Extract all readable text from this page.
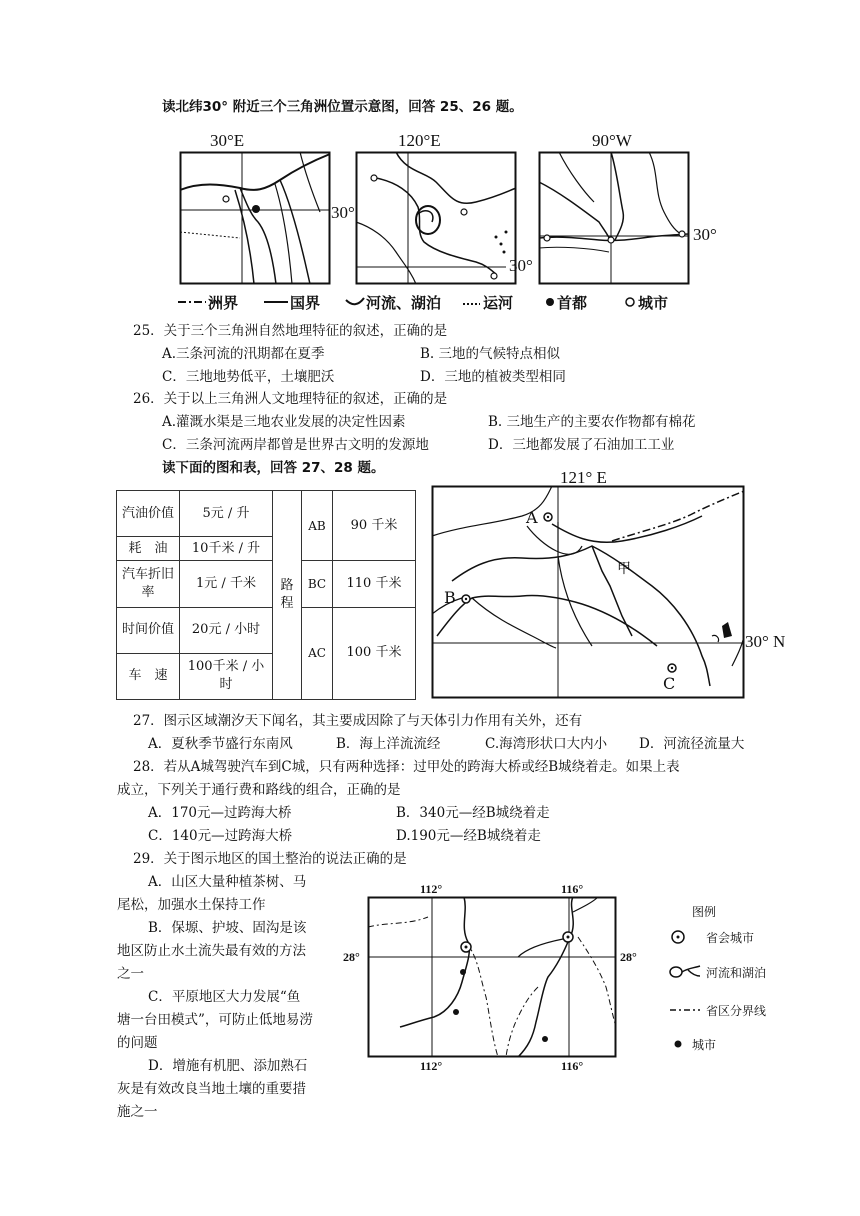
读北纬30° 附近三个三角洲位置示意图，回答 25、26 题。
30°E	120°E	90°W
30°
30°
30°
洲界	国界	河流、湖泊	运河	首都	城市
25．关于三个三角洲自然地理特征的叙述，正确的是
A.三条河流的汛期都在夏季	B. 三地的气候特点相似
C．三地地势低平，土壤肥沃	D．三地的植被类型相同
26．关于以上三角洲人文地理特征的叙述，正确的是
A.灌溉水渠是三地农业发展的决定性因素	B. 三地生产的主要农作物都有棉花
C．三条河流两岸都曾是世界古文明的发源地	D．三地都发展了石油加工工业
读下面的图和表，回答 27、28 题。
汽油价值	5元 / 升	路程	AB	90 千米
耗　油	10千米 / 升			
汽车折旧率	1元 / 千米		BC	110 千米
时间价值	20元 / 小时		AC	100 千米
车　速	100千米 / 小时			
121° E
A
B
C
甲
30° N
27．图示区域潮汐天下闻名，其主要成因除了与天体引力作用有关外，还有
A．夏秋季节盛行东南风	B．海上洋流流经	C.海湾形状口大内小 D．河流径流量大
28．若从A城驾驶汽车到C城，只有两种选择：过甲处的跨海大桥或经B城绕着走。如果上表
成立，下列关于通行费和路线的组合，正确的是
A．170元—过跨海大桥	B．340元—经B城绕着走
C．140元—过跨海大桥	D.190元—经B城绕着走
29．关于图示地区的国土整治的说法正确的是
A．山区大量种植茶树、马
尾松，加强水土保持工作
B．保塬、护坡、固沟是该
地区防止水土流失最有效的方法
之一
C．平原地区大力发展“鱼
塘一台田模式”，可防止低地易涝
的问题
D．增施有机肥、添加熟石
灰是有效改良当地土壤的重要措
施之一
112°	116°
112°	116°
28°	28°
图例
省会城市
河流和湖泊
省区分界线
城市
